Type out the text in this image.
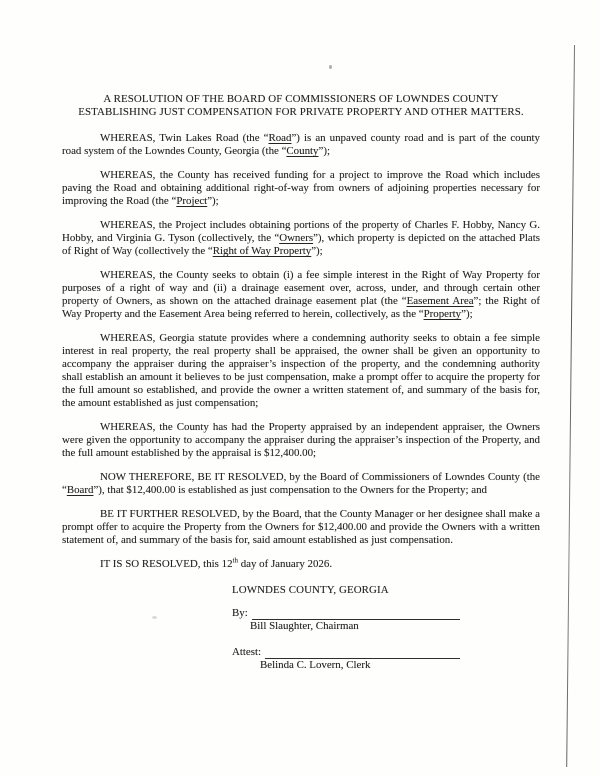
A RESOLUTION OF THE BOARD OF COMMISSIONERS OF LOWNDES COUNTY
ESTABLISHING JUST COMPENSATION FOR PRIVATE PROPERTY AND OTHER MATTERS.

WHEREAS, Twin Lakes Road (the “Road”) is an unpaved county road and is part of the county road system of the Lowndes County, Georgia (the “County”);

WHEREAS, the County has received funding for a project to improve the Road which includes paving the Road and obtaining additional right-of-way from owners of adjoining properties necessary for improving the Road (the “Project”);

WHEREAS, the Project includes obtaining portions of the property of Charles F. Hobby, Nancy G. Hobby, and Virginia G. Tyson (collectively, the “Owners”), which property is depicted on the attached Plats of Right of Way (collectively the “Right of Way Property”);

WHEREAS, the County seeks to obtain (i) a fee simple interest in the Right of Way Property for purposes of a right of way and (ii) a drainage easement over, across, under, and through certain other property of Owners, as shown on the attached drainage easement plat (the “Easement Area”; the Right of Way Property and the Easement Area being referred to herein, collectively, as the “Property”);

WHEREAS, Georgia statute provides where a condemning authority seeks to obtain a fee simple interest in real property, the real property shall be appraised, the owner shall be given an opportunity to accompany the appraiser during the appraiser’s inspection of the property, and the condemning authority shall establish an amount it believes to be just compensation, make a prompt offer to acquire the property for the full amount so established, and provide the owner a written statement of, and summary of the basis for, the amount established as just compensation;

WHEREAS, the County has had the Property appraised by an independent appraiser, the Owners were given the opportunity to accompany the appraiser during the appraiser’s inspection of the Property, and the full amount established by the appraisal is $12,400.00;

NOW THEREFORE, BE IT RESOLVED, by the Board of Commissioners of Lowndes County (the “Board”), that $12,400.00 is established as just compensation to the Owners for the Property; and

BE IT FURTHER RESOLVED, by the Board, that the County Manager or her designee shall make a prompt offer to acquire the Property from the Owners for $12,400.00 and provide the Owners with a written statement of, and summary of the basis for, said amount established as just compensation.

IT IS SO RESOLVED, this 12th day of January 2026.

LOWNDES COUNTY, GEORGIA
By:
Bill Slaughter, Chairman
Attest:
Belinda C. Lovern, Clerk
